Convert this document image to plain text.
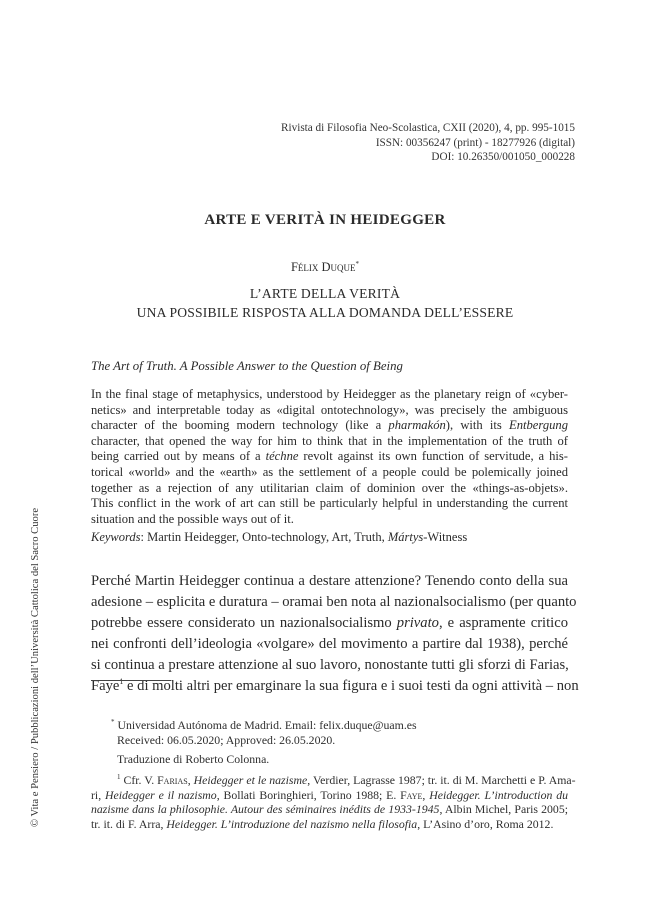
Rivista di Filosofia Neo-Scolastica, CXII (2020), 4, pp. 995-1015
ISSN: 00356247 (print) - 18277926 (digital)
DOI: 10.26350/001050_000228
ARTE E VERITÀ IN HEIDEGGER
Félix Duque*
L’ARTE DELLA VERITÀ
UNA POSSIBILE RISPOSTA ALLA DOMANDA DELL’ESSERE
The Art of Truth. A Possible Answer to the Question of Being
In the final stage of metaphysics, understood by Heidegger as the planetary reign of «cyber-
netics» and interpretable today as «digital ontotechnology», was precisely the ambiguous
character of the booming modern technology (like a pharmakón), with its Entbergung
character, that opened the way for him to think that in the implementation of the truth of
being carried out by means of a téchne revolt against its own function of servitude, a his-
torical «world» and the «earth» as the settlement of a people could be polemically joined
together as a rejection of any utilitarian claim of dominion over the «things-as-objets».
This conflict in the work of art can still be particularly helpful in understanding the current
situation and the possible ways out of it.
Keywords: Martin Heidegger, Onto-technology, Art, Truth, Mártys-Witness
Perché Martin Heidegger continua a destare attenzione? Tenendo conto della sua
adesione – esplicita e duratura – oramai ben nota al nazionalsocialismo (per quanto
potrebbe essere considerato un nazionalsocialismo privato, e aspramente critico
nei confronti dell’ideologia «volgare» del movimento a partire dal 1938), perché
si continua a prestare attenzione al suo lavoro, nonostante tutti gli sforzi di Farias,
Faye$^1$ e di molti altri per emarginare la sua figura e i suoi testi da ogni attività – non
* Universidad Autónoma de Madrid. Email: felix.duque@uam.es
Received: 06.05.2020; Approved: 26.05.2020.
Traduzione di Roberto Colonna.
$^1$ Cfr. V. Farias, Heidegger et le nazisme, Verdier, Lagrasse 1987; tr. it. di M. Marchetti e P. Ama-
ri, Heidegger e il nazismo, Bollati Boringhieri, Torino 1988; E. Faye, Heidegger. L’introduction du
nazisme dans la philosophie. Autour des séminaires inédits de 1933-1945, Albin Michel, Paris 2005;
tr. it. di F. Arra, Heidegger. L’introduzione del nazismo nella filosofia, L’Asino d’oro, Roma 2012.
© Vita e Pensiero / Pubblicazioni dell’Università Cattolica del Sacro Cuore
